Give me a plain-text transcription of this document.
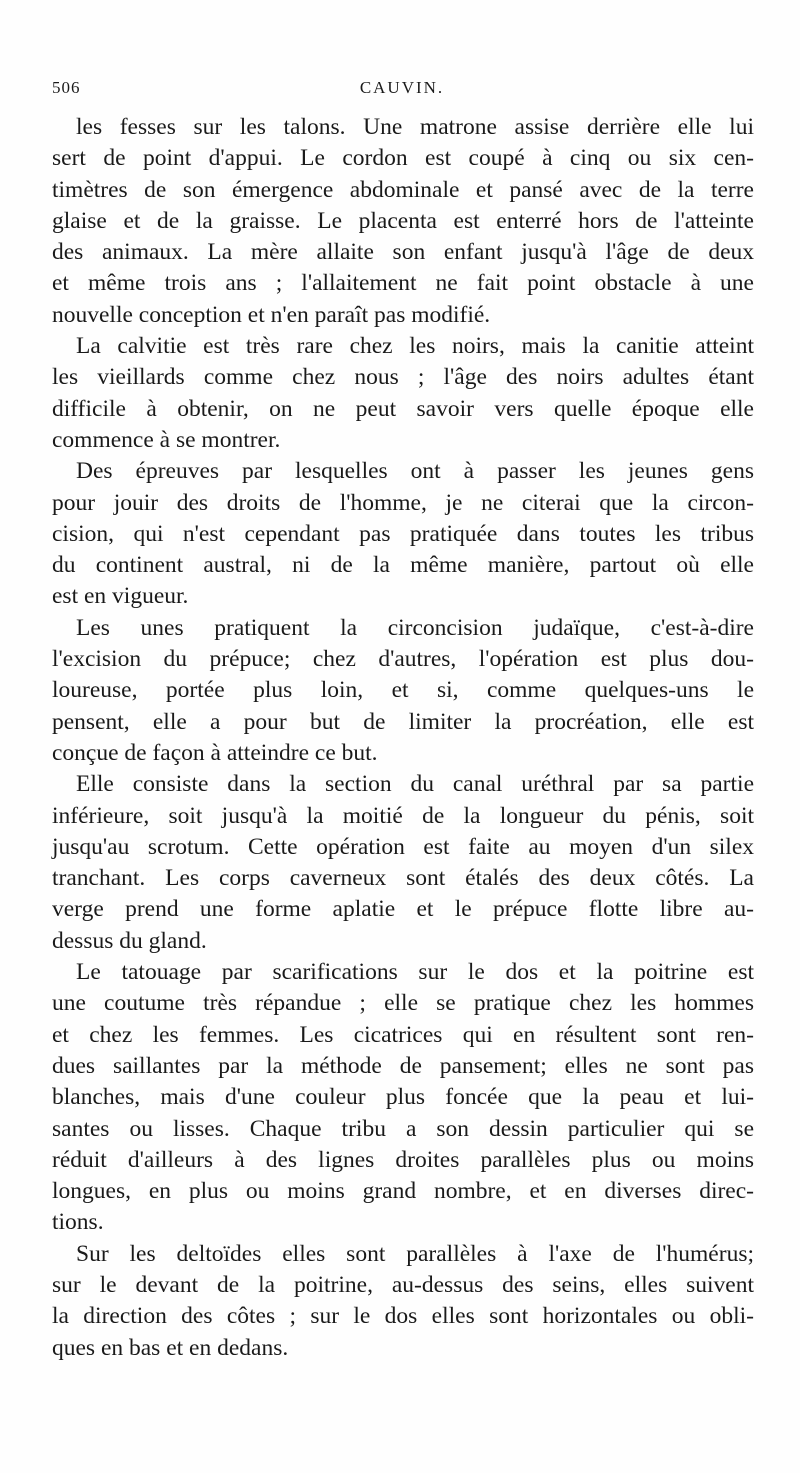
506	CAUVIN.
les fesses sur les talons. Une matrone assise derrière elle lui
sert de point d'appui. Le cordon est coupé à cinq ou six cen-
timètres de son émergence abdominale et pansé avec de la terre
glaise et de la graisse. Le placenta est enterré hors de l'atteinte
des animaux. La mère allaite son enfant jusqu'à l'âge de deux
et même trois ans ; l'allaitement ne fait point obstacle à une
nouvelle conception et n'en paraît pas modifié.
La calvitie est très rare chez les noirs, mais la canitie atteint
les vieillards comme chez nous ; l'âge des noirs adultes étant
difficile à obtenir, on ne peut savoir vers quelle époque elle
commence à se montrer.
Des épreuves par lesquelles ont à passer les jeunes gens
pour jouir des droits de l'homme, je ne citerai que la circon-
cision, qui n'est cependant pas pratiquée dans toutes les tribus
du continent austral, ni de la même manière, partout où elle
est en vigueur.
Les unes pratiquent la circoncision judaïque, c'est-à-dire
l'excision du prépuce; chez d'autres, l'opération est plus dou-
loureuse, portée plus loin, et si, comme quelques-uns le
pensent, elle a pour but de limiter la procréation, elle est
conçue de façon à atteindre ce but.
Elle consiste dans la section du canal uréthral par sa partie
inférieure, soit jusqu'à la moitié de la longueur du pénis, soit
jusqu'au scrotum. Cette opération est faite au moyen d'un silex
tranchant. Les corps caverneux sont étalés des deux côtés. La
verge prend une forme aplatie et le prépuce flotte libre au-
dessus du gland.
Le tatouage par scarifications sur le dos et la poitrine est
une coutume très répandue ; elle se pratique chez les hommes
et chez les femmes. Les cicatrices qui en résultent sont ren-
dues saillantes par la méthode de pansement; elles ne sont pas
blanches, mais d'une couleur plus foncée que la peau et lui-
santes ou lisses. Chaque tribu a son dessin particulier qui se
réduit d'ailleurs à des lignes droites parallèles plus ou moins
longues, en plus ou moins grand nombre, et en diverses direc-
tions.
Sur les deltoïdes elles sont parallèles à l'axe de l'humérus;
sur le devant de la poitrine, au-dessus des seins, elles suivent
la direction des côtes ; sur le dos elles sont horizontales ou obli-
ques en bas et en dedans.
